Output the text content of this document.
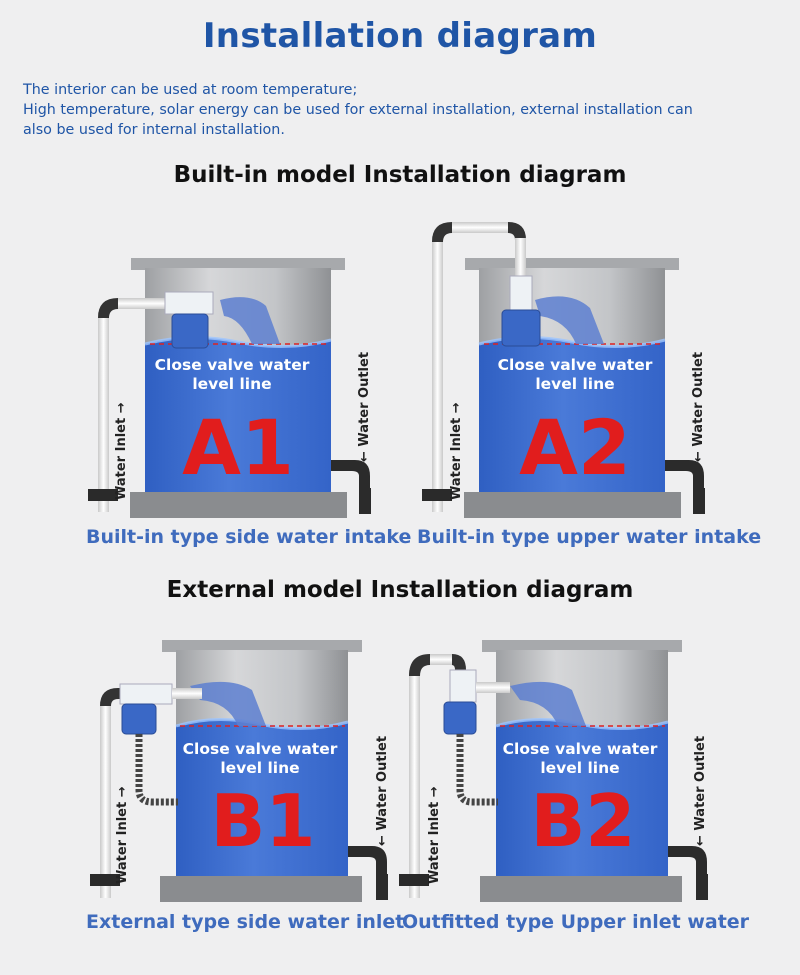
Installation diagram
The interior can be used at room temperature;
High temperature, solar energy can be used for external installation, external installation can
also be used for internal installation.
Built-in model Installation diagram
External model Installation diagram
Close valve water
level line
A1
Water Inlet →	← Water Outlet	Close valve water
level line
A2
Water Inlet →	← Water Outlet
Close valve water
level line
B1
Water Inlet →	← Water Outlet	Close valve water
level line
B2
Water Inlet →	← Water Outlet
Built-in type side water intake Built-in type upper water intake
External type side water inlet
Outfitted type Upper inlet water
